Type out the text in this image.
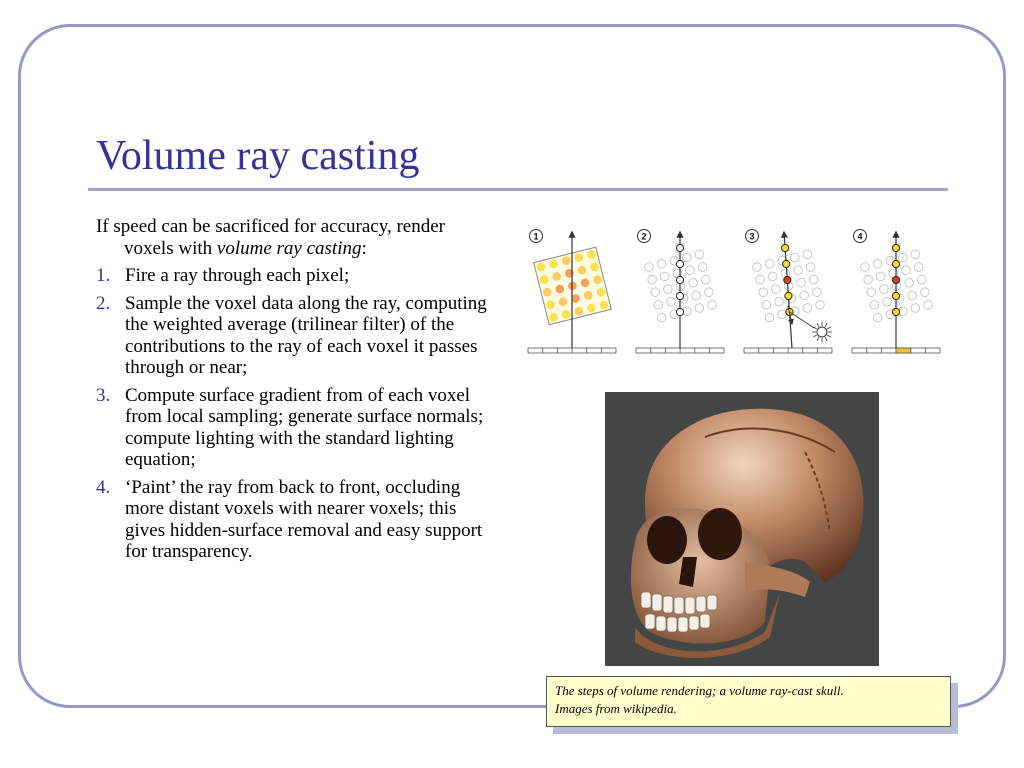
Volume ray casting
If speed can be sacrificed for accuracy, render voxels with volume ray casting:
1. Fire a ray through each pixel;
2. Sample the voxel data along the ray, computing the weighted average (trilinear filter) of the contributions to the ray of each voxel it passes through or near;
3. Compute surface gradient from of each voxel from local sampling; generate surface normals; compute lighting with the standard lighting equation;
4. ‘Paint’ the ray from back to front, occluding more distant voxels with nearer voxels; this gives hidden-surface removal and easy support for transparency.
1	2	3	4
The steps of volume rendering; a volume ray-cast skull.
Images from wikipedia.
